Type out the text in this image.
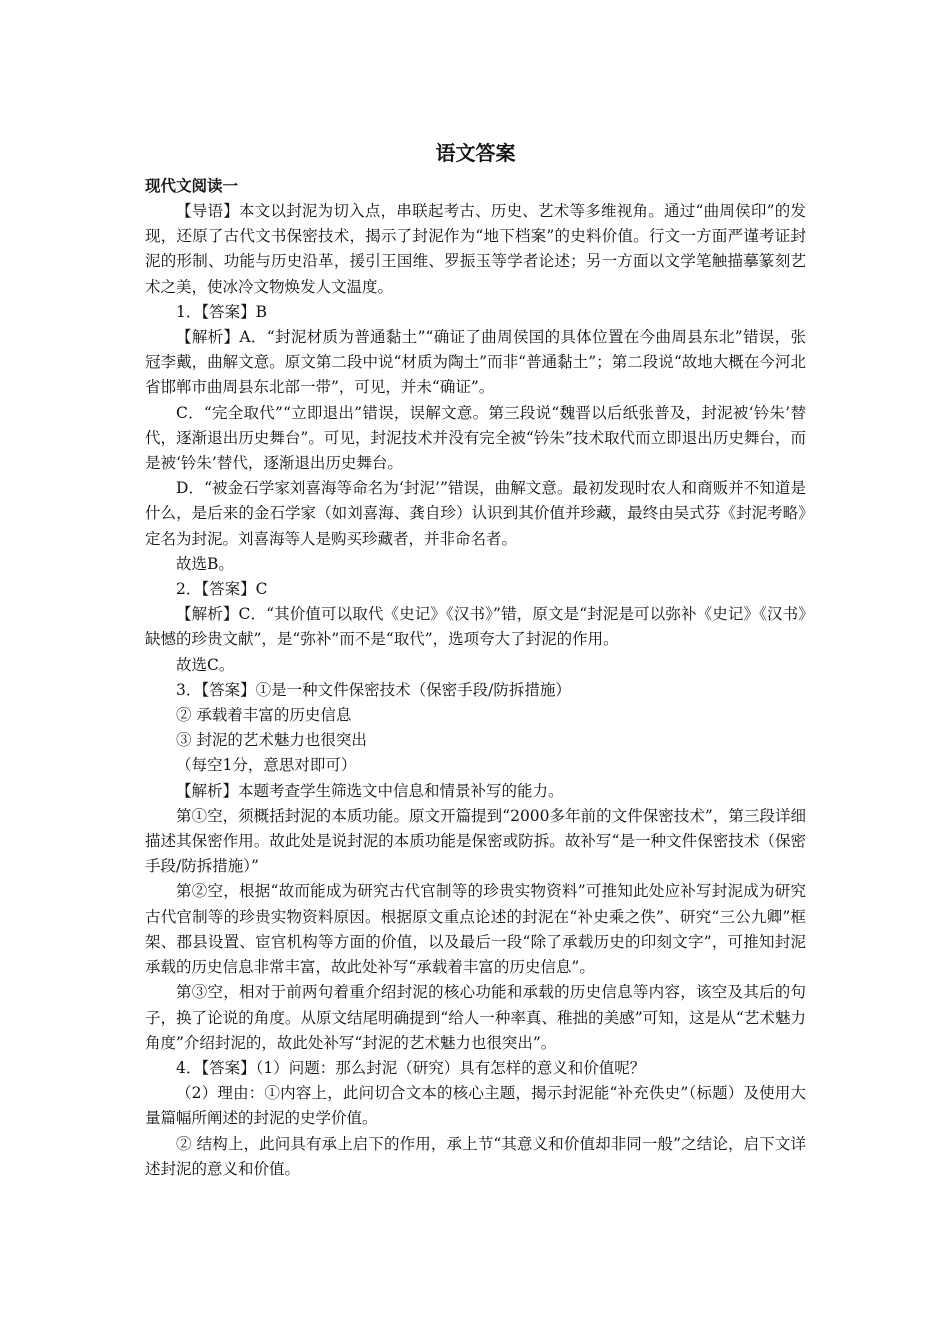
语文答案
现代文阅读一

【导语】本文以封泥为切入点，串联起考古、历史、艺术等多维视角。通过“曲周侯印”的发现，还原了古代文书保密技术，揭示了封泥作为“地下档案”的史料价值。行文一方面严谨考证封泥的形制、功能与历史沿革，援引王国维、罗振玉等学者论述；另一方面以文学笔触描摹篆刻艺术之美，使冰冷文物焕发人文温度。

1．【答案】B

【解析】A．“封泥材质为普通黏土”“确证了曲周侯国的具体位置在今曲周县东北”错误，张冠李戴，曲解文意。原文第二段中说“材质为陶土”而非“普通黏土”；第二段说“故地大概在今河北省邯郸市曲周县东北部一带”，可见，并未“确证”。

C．“完全取代”“立即退出”错误，误解文意。第三段说“魏晋以后纸张普及，封泥被‘钤朱’替代，逐渐退出历史舞台”。可见，封泥技术并没有完全被“钤朱”技术取代而立即退出历史舞台，而是被‘钤朱’替代，逐渐退出历史舞台。

D．“被金石学家刘喜海等命名为‘封泥’”错误，曲解文意。最初发现时农人和商贩并不知道是什么，是后来的金石学家（如刘喜海、龚自珍）认识到其价值并珍藏，最终由吴式芬《封泥考略》定名为封泥。刘喜海等人是购买珍藏者，并非命名者。

故选B。

2．【答案】C

【解析】C．“其价值可以取代《史记》《汉书》”错，原文是“封泥是可以弥补《史记》《汉书》缺憾的珍贵文献”，是“弥补”而不是“取代”，选项夸大了封泥的作用。

故选C。

3．【答案】①是一种文件保密技术（保密手段/防拆措施）

② 承载着丰富的历史信息

③ 封泥的艺术魅力也很突出

（每空1分，意思对即可）

【解析】本题考查学生筛选文中信息和情景补写的能力。

第①空，须概括封泥的本质功能。原文开篇提到“2000多年前的文件保密技术”，第三段详细描述其保密作用。故此处是说封泥的本质功能是保密或防拆。故补写“是一种文件保密技术（保密手段/防拆措施）”

第②空，根据“故而能成为研究古代官制等的珍贵实物资料”可推知此处应补写封泥成为研究古代官制等的珍贵实物资料原因。根据原文重点论述的封泥在“补史乘之佚”、研究“三公九卿”框架、郡县设置、宦官机构等方面的价值，以及最后一段“除了承载历史的印刻文字”，可推知封泥承载的历史信息非常丰富，故此处补写“承载着丰富的历史信息”。

第③空，相对于前两句着重介绍封泥的核心功能和承载的历史信息等内容，该空及其后的句子，换了论说的角度。从原文结尾明确提到“给人一种率真、稚拙的美感”可知，这是从“艺术魅力角度”介绍封泥的，故此处补写“封泥的艺术魅力也很突出”。

4．【答案】（1）问题：那么封泥（研究）具有怎样的意义和价值呢？

（2）理由：①内容上，此问切合文本的核心主题，揭示封泥能“补充佚史”（标题）及使用大量篇幅所阐述的封泥的史学价值。

② 结构上，此问具有承上启下的作用，承上节“其意义和价值却非同一般”之结论，启下文详述封泥的意义和价值。
